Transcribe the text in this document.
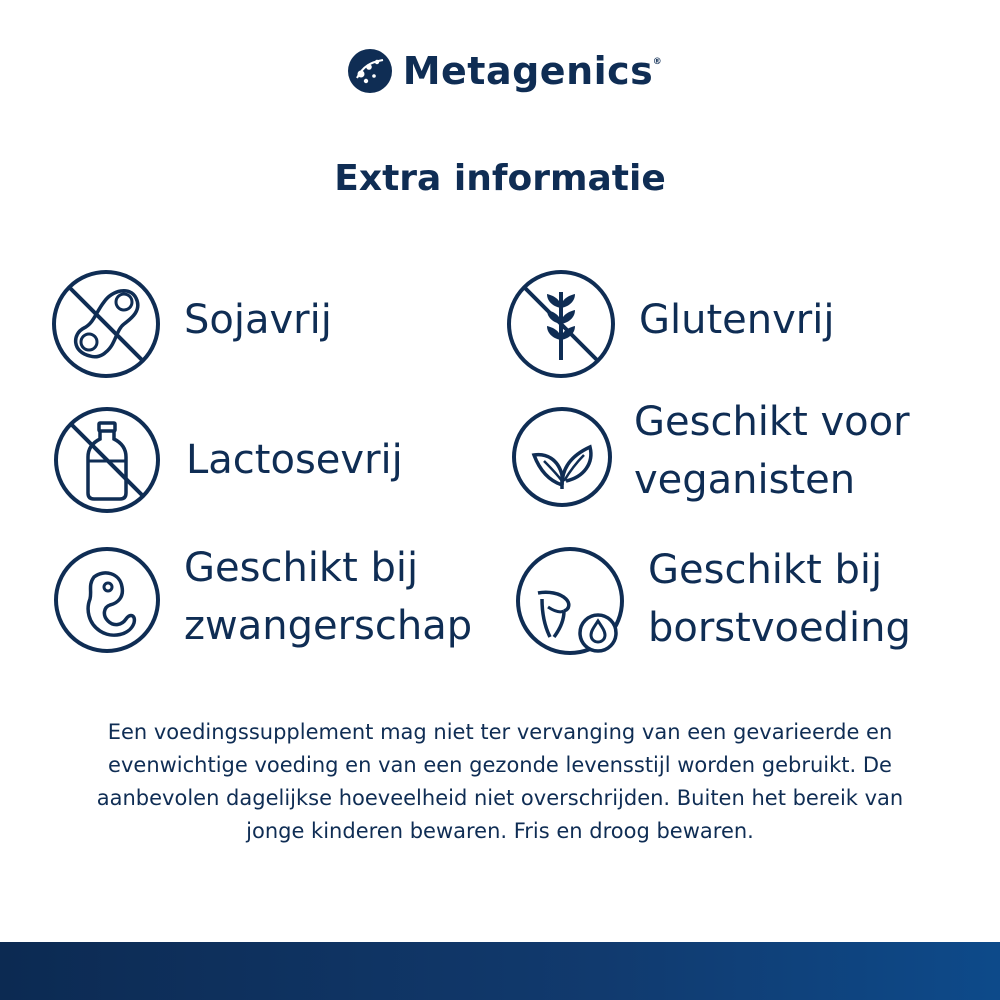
Metagenics ®
Extra informatie
Sojavrij	Glutenvrij
Lactosevrij
Geschikt voor
veganisten
Geschikt bij
zwangerschap
Geschikt bij
borstvoeding
Een voedingssupplement mag niet ter vervanging van een gevarieerde en evenwichtige voeding en van een gezonde levensstijl worden gebruikt. De aanbevolen dagelijkse hoeveelheid niet overschrijden. Buiten het bereik van jonge kinderen bewaren. Fris en droog bewaren.
